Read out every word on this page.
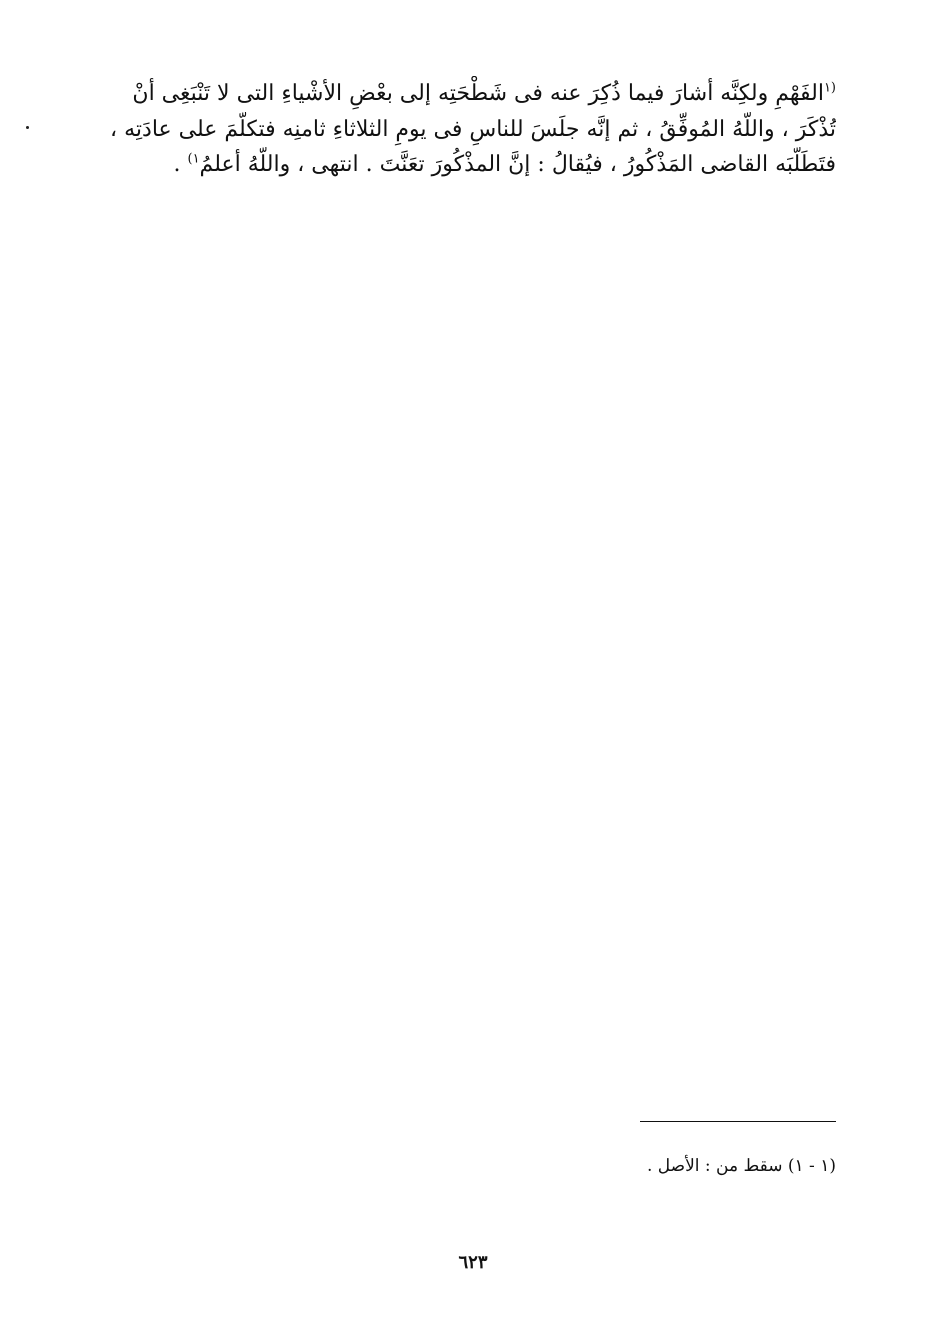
$^{(١}$الفَهْمِ ولكِنَّه أشارَ فيما ذُكِرَ عنه فى شَطْحَتِه إلى بعْضِ الأشْياءِ التى لا تَنْبَغِى أنْ
تُذْكَرَ ، واللَّهُ المُوفِّقُ ، ثم إنَّه جلَسَ للناسِ فى يومِ الثلاثاءِ ثامنِه فتكلَّمَ على عادَتِه ،
فتَطَلَّبَه القاضى المَذْكُورُ ، فيُقالُ : إنَّ المذْكُورَ تعَنَّتَ . انتهى ، واللَّهُ أعلمُ$^{١)}$ .
(١ - ١) سقط من : الأصل .
٦٢٣
